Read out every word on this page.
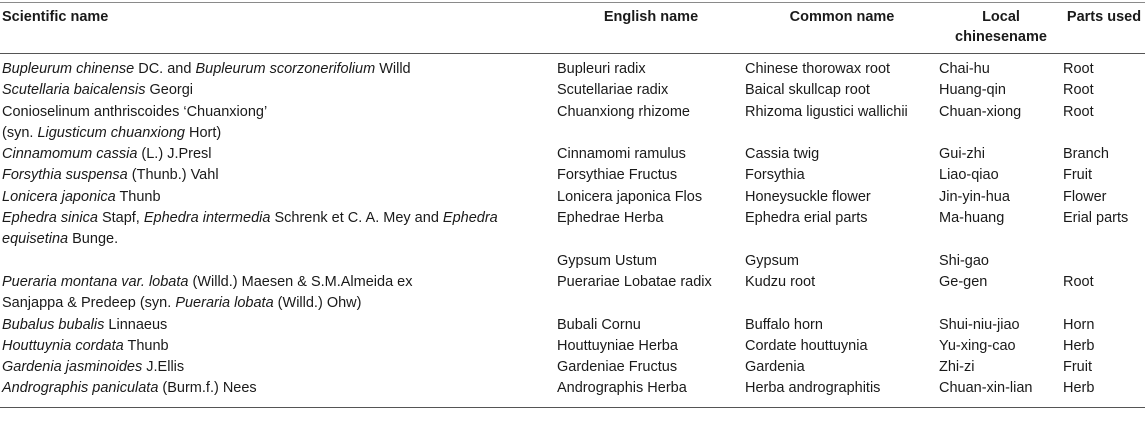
Scientific name	English name	Common name	Local chinesename	Parts used
Bupleurum chinense DC. and Bupleurum scorzonerifolium Willd	Bupleuri radix	Chinese thorowax root	Chai-hu	Root
Scutellaria baicalensis Georgi	Scutellariae radix	Baical skullcap root	Huang-qin	Root
Conioselinum anthriscoides ‘Chuanxiong’	Chuanxiong rhizome	Rhizoma ligustici wallichii	Chuan-xiong	Root
(syn. Ligusticum chuanxiong Hort)				
Cinnamomum cassia (L.) J.Presl	Cinnamomi ramulus	Cassia twig	Gui-zhi	Branch
Forsythia suspensa (Thunb.) Vahl	Forsythiae Fructus	Forsythia	Liao-qiao	Fruit
Lonicera japonica Thunb	Lonicera japonica Flos	Honeysuckle flower	Jin-yin-hua	Flower
Ephedra sinica Stapf, Ephedra intermedia Schrenk et C. A. Mey and Ephedra	Ephedrae Herba	Ephedra erial parts	Ma-huang	Erial parts
equisetina Bunge.				
	Gypsum Ustum	Gypsum	Shi-gao	
Pueraria montana var. lobata (Willd.) Maesen & S.M.Almeida ex	Puerariae Lobatae radix	Kudzu root	Ge-gen	Root
Sanjappa & Predeep (syn. Pueraria lobata (Willd.) Ohw)				
Bubalus bubalis Linnaeus	Bubali Cornu	Buffalo horn	Shui-niu-jiao	Horn
Houttuynia cordata Thunb	Houttuyniae Herba	Cordate houttuynia	Yu-xing-cao	Herb
Gardenia jasminoides J.Ellis	Gardeniae Fructus	Gardenia	Zhi-zi	Fruit
Andrographis paniculata (Burm.f.) Nees	Andrographis Herba	Herba andrographitis	Chuan-xin-lian	Herb
